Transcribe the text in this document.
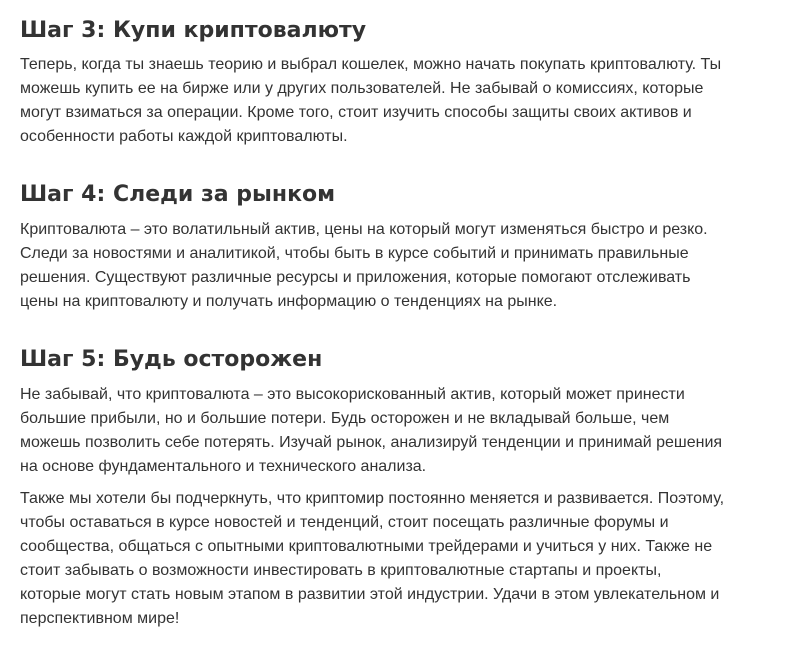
Шаг 3: Купи криптовалюту

Теперь, когда ты знаешь теорию и выбрал кошелек, можно начать покупать криптовалюту. Ты
можешь купить ее на бирже или у других пользователей. Не забывай о комиссиях, которые
могут взиматься за операции. Кроме того, стоит изучить способы защиты своих активов и
особенности работы каждой криптовалюты.

Шаг 4: Следи за рынком

Криптовалюта – это волатильный актив, цены на который могут изменяться быстро и резко.
Следи за новостями и аналитикой, чтобы быть в курсе событий и принимать правильные
решения. Существуют различные ресурсы и приложения, которые помогают отслеживать
цены на криптовалюту и получать информацию о тенденциях на рынке.

Шаг 5: Будь осторожен

Не забывай, что криптовалюта – это высокорискованный актив, который может принести
большие прибыли, но и большие потери. Будь осторожен и не вкладывай больше, чем
можешь позволить себе потерять. Изучай рынок, анализируй тенденции и принимай решения
на основе фундаментального и технического анализа.

Также мы хотели бы подчеркнуть, что криптомир постоянно меняется и развивается. Поэтому,
чтобы оставаться в курсе новостей и тенденций, стоит посещать различные форумы и
сообщества, общаться с опытными криптовалютными трейдерами и учиться у них. Также не
стоит забывать о возможности инвестировать в криптовалютные стартапы и проекты,
которые могут стать новым этапом в развитии этой индустрии. Удачи в этом увлекательном и
перспективном мире!
